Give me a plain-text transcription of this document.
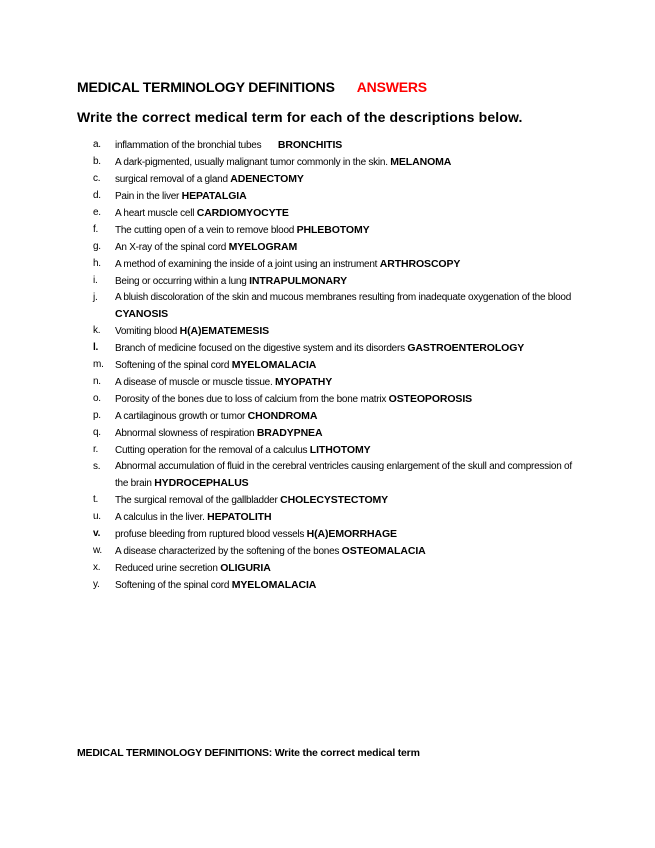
MEDICAL TERMINOLOGY DEFINITIONS ANSWERS
Write the correct medical term for each of the descriptions below.
a.	inflammation of the bronchial tubes BRONCHITIS
b.	A dark-pigmented, usually malignant tumor commonly in the skin. MELANOMA
c.	surgical removal of a gland ADENECTOMY
d.	Pain in the liver HEPATALGIA
e.	A heart muscle cell CARDIOMYOCYTE
f.	The cutting open of a vein to remove blood PHLEBOTOMY
g.	An X-ray of the spinal cord MYELOGRAM
h.	A method of examining the inside of a joint using an instrument ARTHROSCOPY
i.	Being or occurring within a lung INTRAPULMONARY
j.	A bluish discoloration of the skin and mucous membranes resulting from inadequate oxygenation of the blood CYANOSIS
k.	Vomiting blood H(A)EMATEMESIS
l.	Branch of medicine focused on the digestive system and its disorders GASTROENTEROLOGY
m.	Softening of the spinal cord MYELOMALACIA
n.	A disease of muscle or muscle tissue. MYOPATHY
o.	Porosity of the bones due to loss of calcium from the bone matrix OSTEOPOROSIS
p.	A cartilaginous growth or tumor CHONDROMA
q.	Abnormal slowness of respiration BRADYPNEA
r.	Cutting operation for the removal of a calculus LITHOTOMY
s.	Abnormal accumulation of fluid in the cerebral ventricles causing enlargement of the skull and compression of the brain HYDROCEPHALUS
t.	The surgical removal of the gallbladder CHOLECYSTECTOMY
u.	A calculus in the liver. HEPATOLITH
v.	profuse bleeding from ruptured blood vessels H(A)EMORRHAGE
w.	A disease characterized by the softening of the bones OSTEOMALACIA
x.	Reduced urine secretion OLIGURIA
y.	Softening of the spinal cord MYELOMALACIA
MEDICAL TERMINOLOGY DEFINITIONS: Write the correct medical term
